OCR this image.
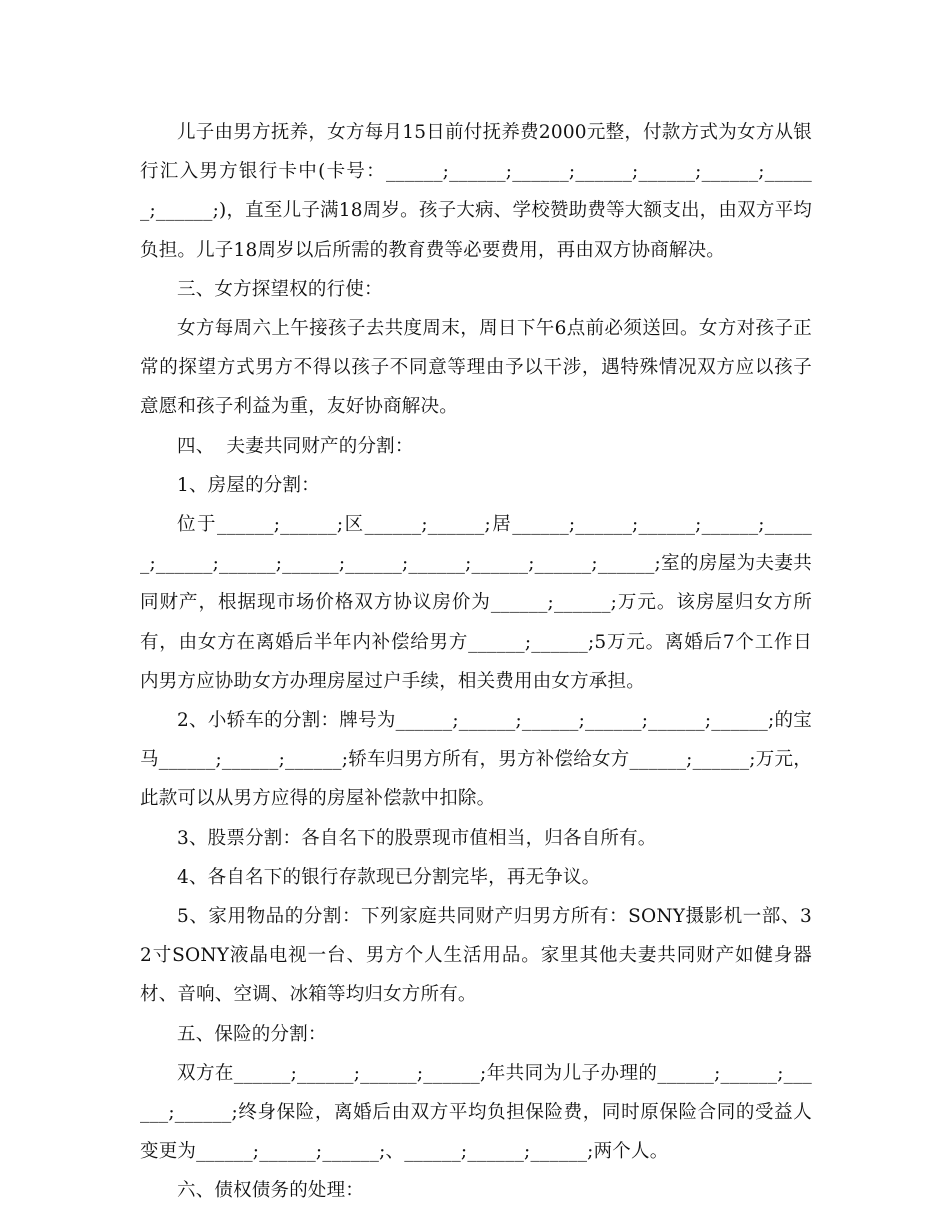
儿子由男方抚养，女方每月15日前付抚养费2000元整，付款方式为女方从银行汇入男方银行卡中(卡号：______;______;______;______;______;______;______;______;)，直至儿子满18周岁。孩子大病、学校赞助费等大额支出，由双方平均负担。儿子18周岁以后所需的教育费等必要费用，再由双方协商解决。

三、女方探望权的行使：

女方每周六上午接孩子去共度周末，周日下午6点前必须送回。女方对孩子正常的探望方式男方不得以孩子不同意等理由予以干涉，遇特殊情况双方应以孩子意愿和孩子利益为重，友好协商解决。

四、  夫妻共同财产的分割：

1、房屋的分割：

位于______;______;区______;______;居______;______;______;______;______;______;______;______;______;______;______;______;______;室的房屋为夫妻共同财产，根据现市场价格双方协议房价为______;______;万元。该房屋归女方所有，由女方在离婚后半年内补偿给男方______;______;5万元。离婚后7个工作日内男方应协助女方办理房屋过户手续，相关费用由女方承担。

2、小轿车的分割：牌号为______;______;______;______;______;______;的宝马______;______;______;轿车归男方所有，男方补偿给女方______;______;万元，此款可以从男方应得的房屋补偿款中扣除。

3、股票分割：各自名下的股票现市值相当，归各自所有。

4、各自名下的银行存款现已分割完毕，再无争议。

5、家用物品的分割：下列家庭共同财产归男方所有：SONY摄影机一部、32寸SONY液晶电视一台、男方个人生活用品。家里其他夫妻共同财产如健身器材、音响、空调、冰箱等均归女方所有。

五、保险的分割：

双方在______;______;______;______;年共同为儿子办理的______;______;______;______;终身保险，离婚后由双方平均负担保险费，同时原保险合同的受益人变更为______;______;______;、______;______;______;两个人。

六、债权债务的处理：
